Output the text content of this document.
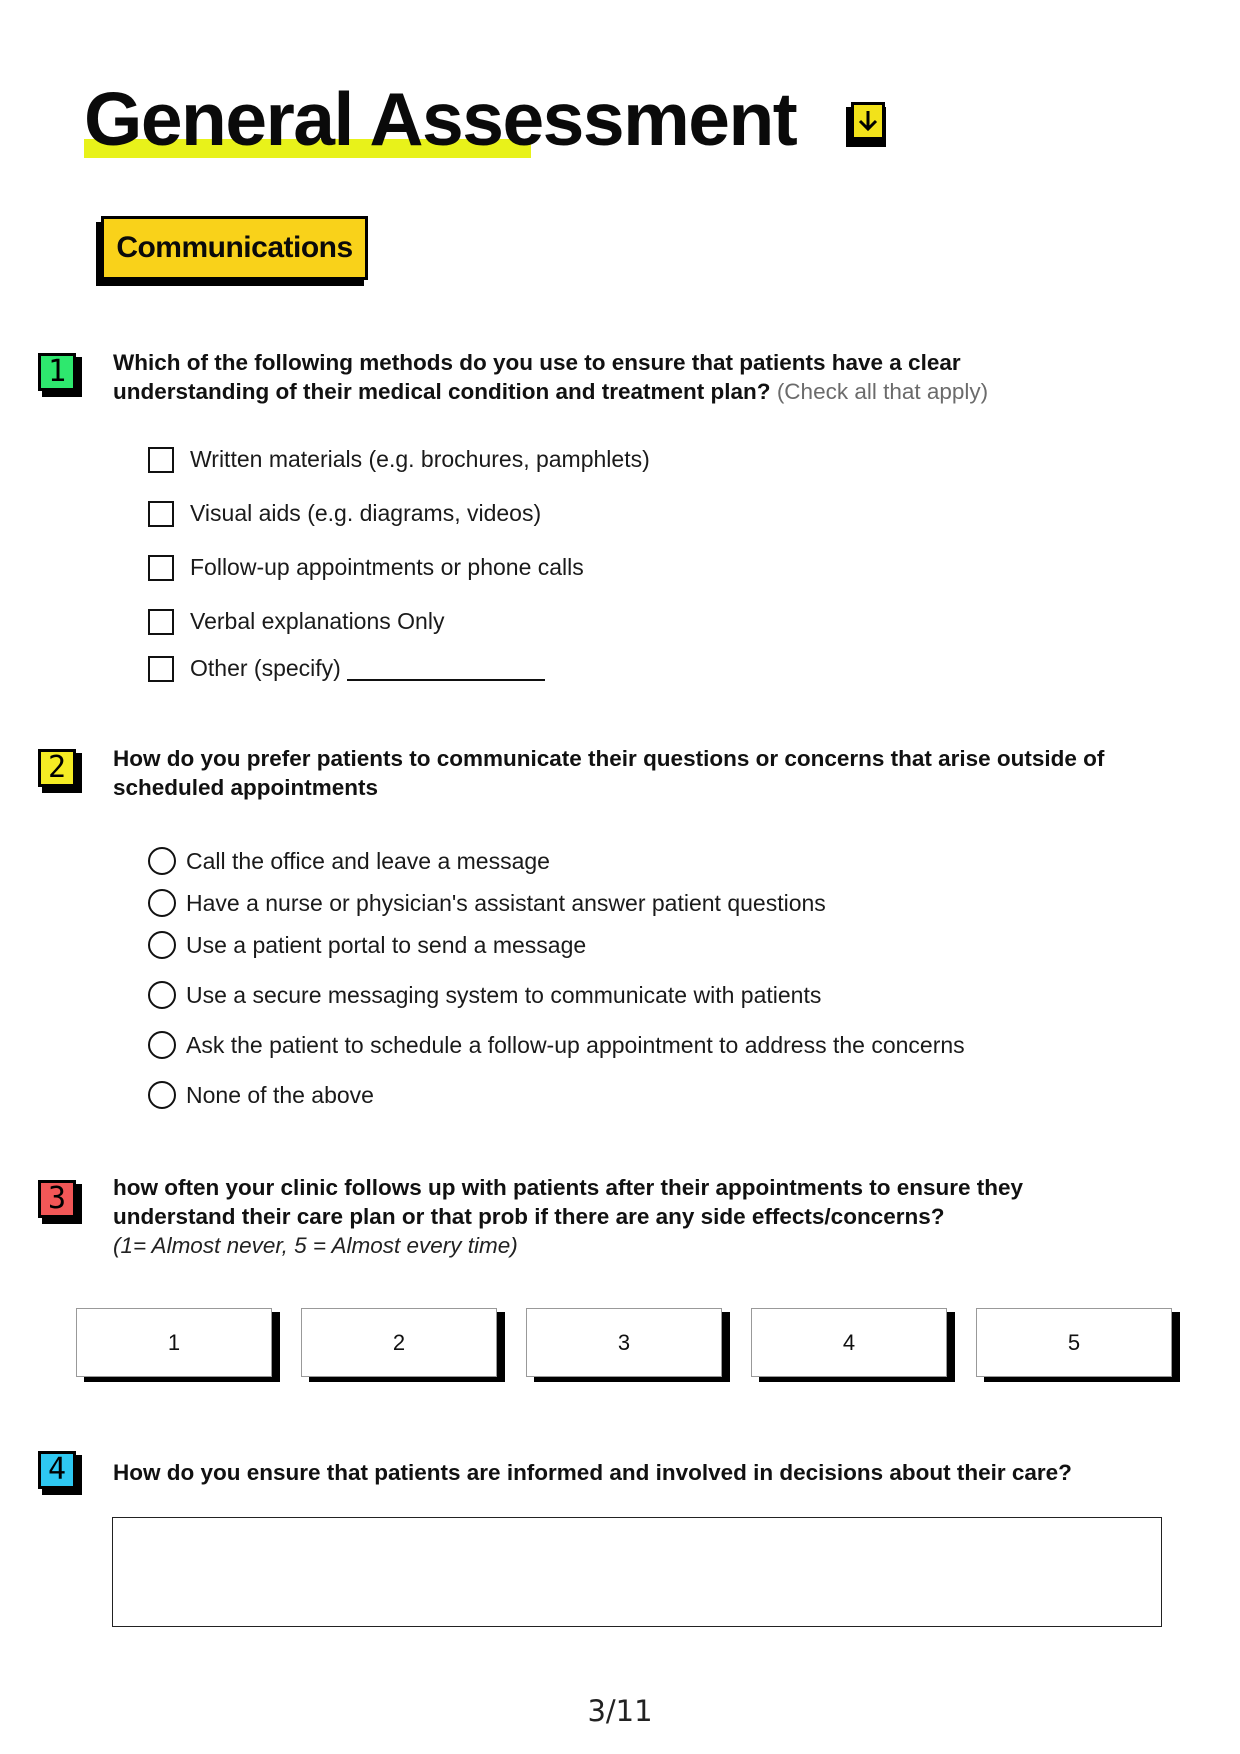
General Assessment
Communications
1	Which of the following methods do you use to ensure that patients have a clear understanding of their medical condition and treatment plan? (Check all that apply)
Written materials (e.g. brochures, pamphlets)
Visual aids (e.g. diagrams, videos)
Follow-up appointments or phone calls
Verbal explanations Only
Other (specify)
2	How do you prefer patients to communicate their questions or concerns that arise outside of scheduled appointments
Call the office and leave a message
Have a nurse or physician's assistant answer patient questions
Use a patient portal to send a message
Use a secure messaging system to communicate with patients
Ask the patient to schedule a follow-up appointment to address the concerns
None of the above
3	how often your clinic follows up with patients after their appointments to ensure they understand their care plan or that prob if there are any side effects/concerns?
(1= Almost never, 5 = Almost every time)
1	2	3	4	5
4	How do you ensure that patients are informed and involved in decisions about their care?
3/11
